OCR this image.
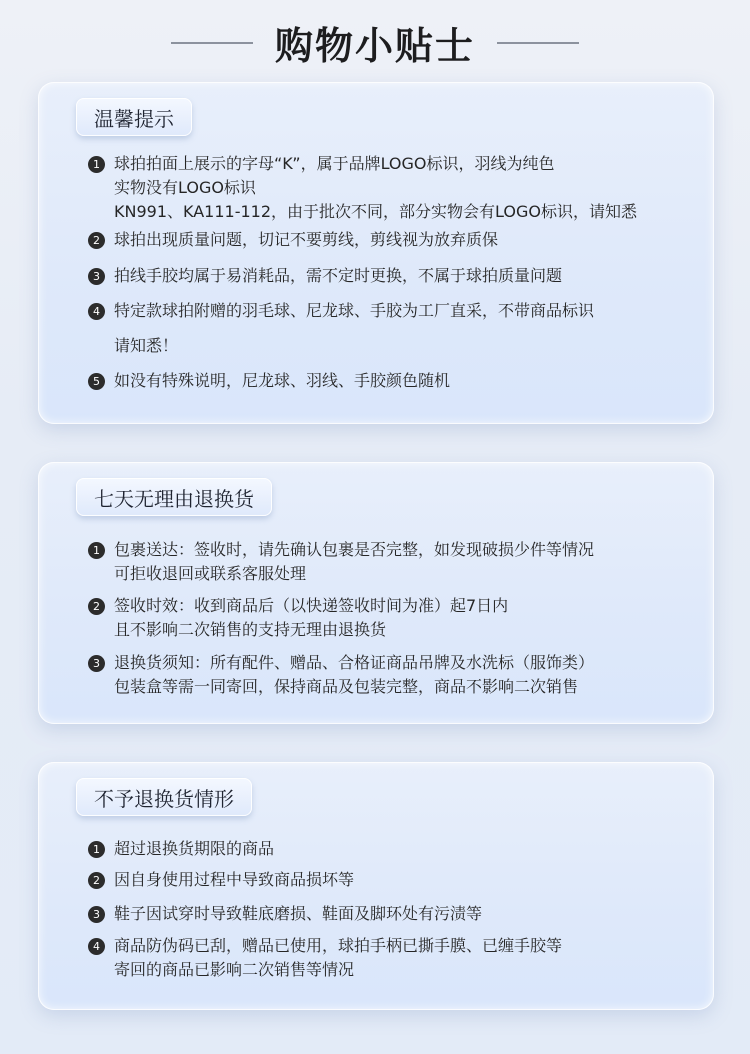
购物小贴士
温馨提示
1 球拍拍面上展示的字母“K”，属于品牌LOGO标识，羽线为纯色
实物没有LOGO标识
KN991、KA111-112，由于批次不同，部分实物会有LOGO标识，请知悉
2 球拍出现质量问题，切记不要剪线，剪线视为放弃质保
3 拍线手胶均属于易消耗品，需不定时更换，不属于球拍质量问题
4 特定款球拍附赠的羽毛球、尼龙球、手胶为工厂直采，不带商品标识
请知悉！
5 如没有特殊说明，尼龙球、羽线、手胶颜色随机
七天无理由退换货
1 包裹送达：签收时，请先确认包裹是否完整，如发现破损少件等情况
可拒收退回或联系客服处理
2 签收时效：收到商品后（以快递签收时间为准）起7日内
且不影响二次销售的支持无理由退换货
3 退换货须知：所有配件、赠品、合格证商品吊牌及水洗标（服饰类）
包装盒等需一同寄回，保持商品及包装完整，商品不影响二次销售
不予退换货情形
1 超过退换货期限的商品
2 因自身使用过程中导致商品损坏等
3 鞋子因试穿时导致鞋底磨损、鞋面及脚环处有污渍等
4 商品防伪码已刮，赠品已使用，球拍手柄已撕手膜、已缠手胶等
寄回的商品已影响二次销售等情况
